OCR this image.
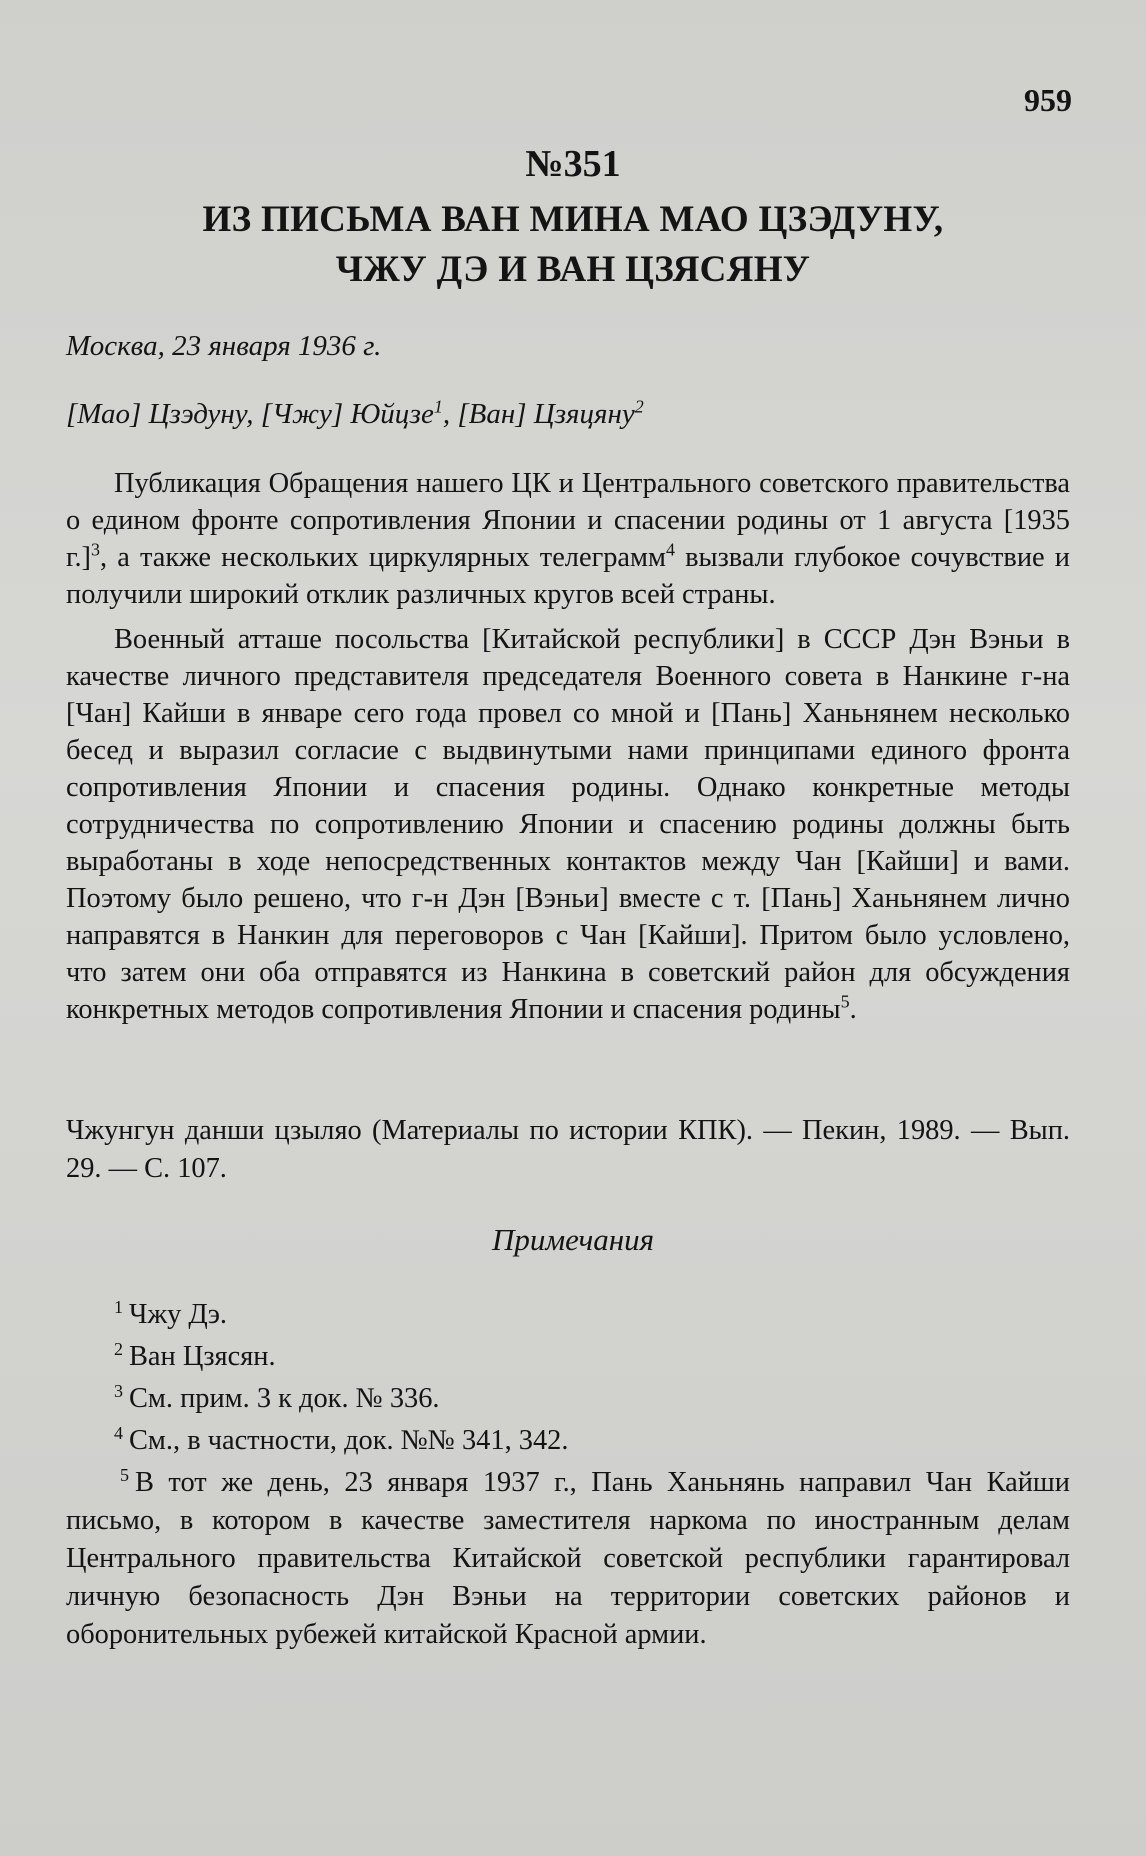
959
№351
ИЗ ПИСЬМА ВАН МИНА МАО ЦЗЭДУНУ,
ЧЖУ ДЭ И ВАН ЦЗЯСЯНУ
Москва, 23 января 1936 г.
[Мао] Цзэдуну, [Чжу] Юйцзе$^1$, [Ван] Цзяцяну$^2$

Публикация Обращения нашего ЦК и Центрального советского правительства о едином фронте сопротивления Японии и спасении родины от 1 августа [1935 г.]$^3$, а также нескольких циркулярных телеграмм$^4$ вызвали глубокое сочувствие и получили широкий отклик различных кругов всей страны.

Военный атташе посольства [Китайской республики] в СССР Дэн Вэньи в качестве личного представителя председателя Военного совета в Нанкине г-на [Чан] Кайши в январе сего года провел со мной и [Пань] Ханьнянем несколько бесед и выразил согласие с выдвинутыми нами принципами единого фронта сопротивления Японии и спасения родины. Однако конкретные методы сотрудничества по сопротивлению Японии и спасению родины должны быть выработаны в ходе непосредственных контактов между Чан [Кайши] и вами. Поэтому было решено, что г-н Дэн [Вэньи] вместе с т. [Пань] Ханьнянем лично направятся в Нанкин для переговоров с Чан [Кайши]. Притом было условлено, что затем они оба отправятся из Нанкина в советский район для обсуждения конкретных методов сопротивления Японии и спасения родины$^5$.

Чжунгун данши цзыляо (Материалы по истории КПК). — Пекин, 1989. — Вып. 29. — С. 107.
Примечания

$^1$ Чжу Дэ.

$^2$ Ван Цзясян.

$^3$ См. прим. 3 к док. № 336.

$^4$ См., в частности, док. №№ 341, 342.

$^5$ В тот же день, 23 января 1937 г., Пань Ханьнянь направил Чан Кайши письмо, в котором в качестве заместителя наркома по иностранным делам Центрального правительства Китайской советской республики гарантировал личную безопасность Дэн Вэньи на территории советских районов и оборонительных рубежей китайской Красной армии.
